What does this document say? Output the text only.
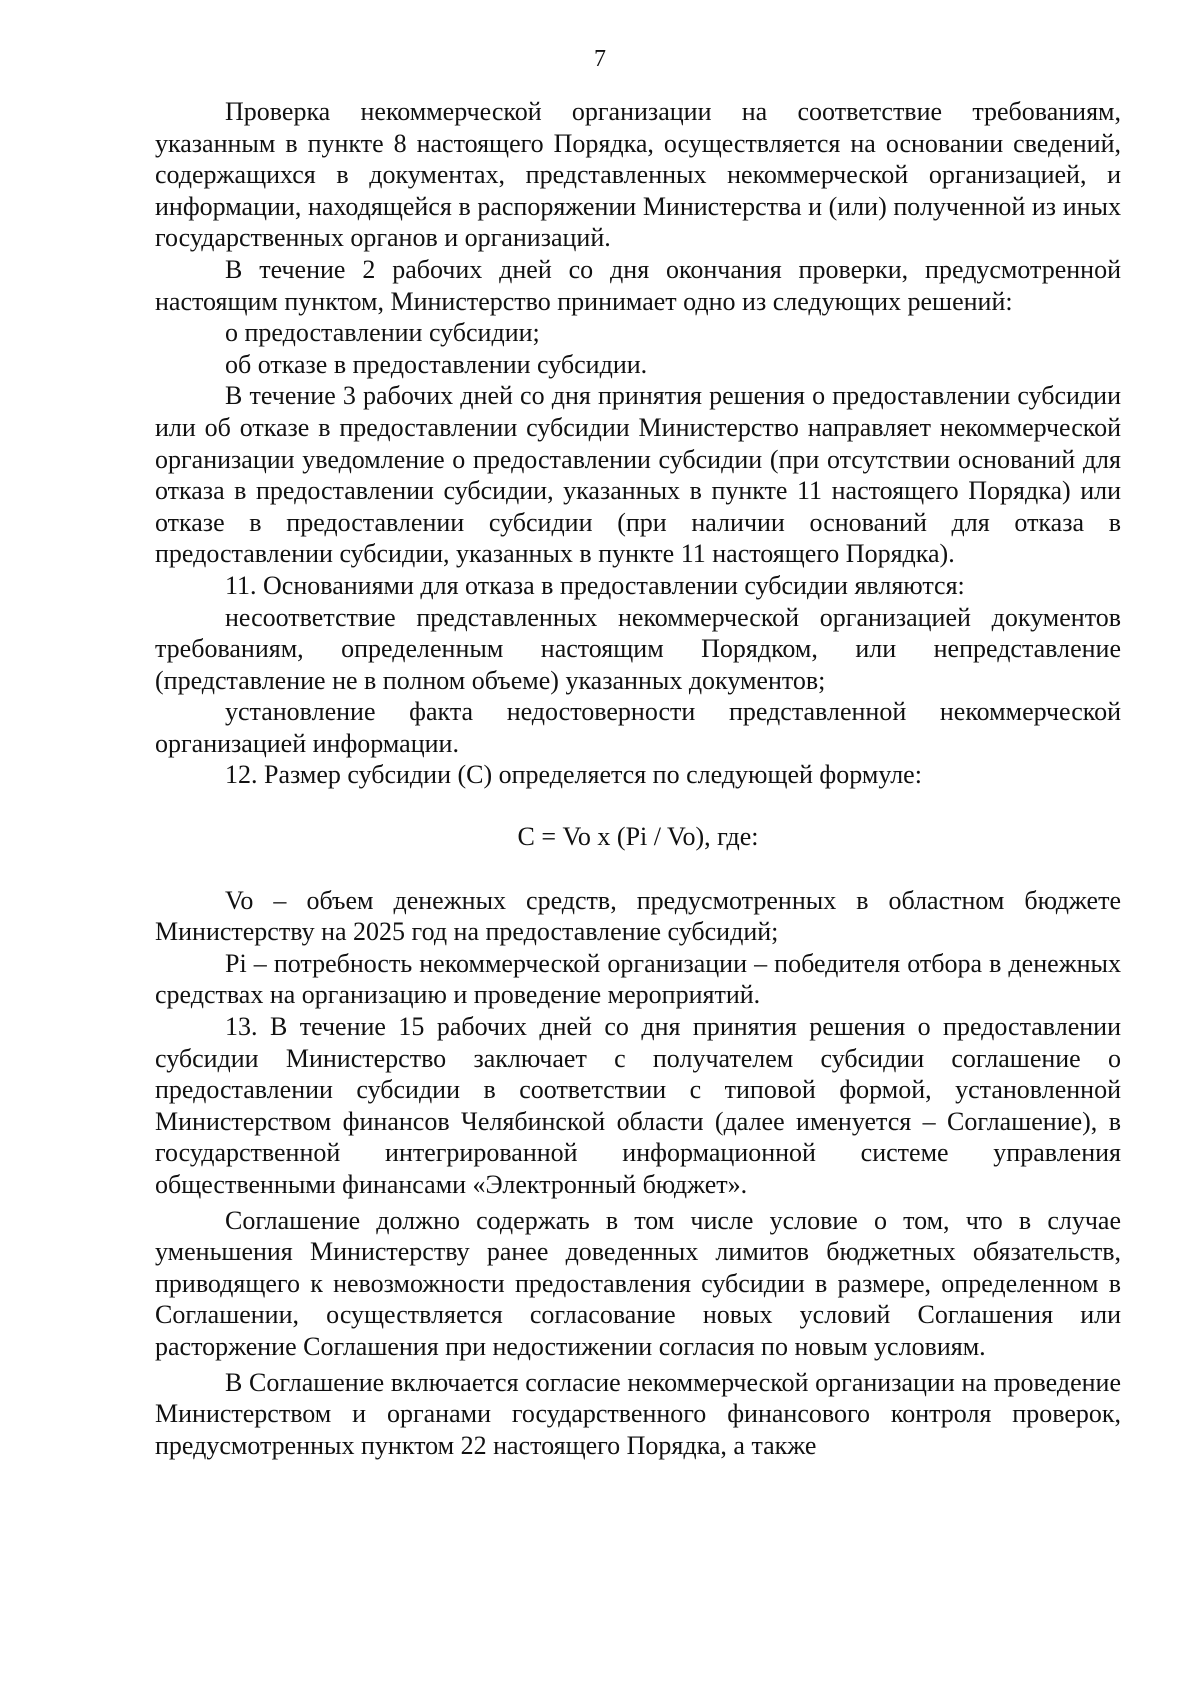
7

Проверка некоммерческой организации на соответствие требованиям, указанным в пункте 8 настоящего Порядка, осуществляется на основании сведений, содержащихся в документах, представленных некоммерческой организацией, и информации, находящейся в распоряжении Министерства и (или) полученной из иных государственных органов и организаций.

В течение 2 рабочих дней со дня окончания проверки, предусмотренной настоящим пунктом, Министерство принимает одно из следующих решений:

о предоставлении субсидии;

об отказе в предоставлении субсидии.

В течение 3 рабочих дней со дня принятия решения о предоставлении субсидии или об отказе в предоставлении субсидии Министерство направляет некоммерческой организации уведомление о предоставлении субсидии (при отсутствии оснований для отказа в предоставлении субсидии, указанных в пункте 11 настоящего Порядка) или отказе в предоставлении субсидии (при наличии оснований для отказа в предоставлении субсидии, указанных в пункте 11 настоящего Порядка).

11. Основаниями для отказа в предоставлении субсидии являются:

несоответствие представленных некоммерческой организацией документов требованиям, определенным настоящим Порядком, или непредставление (представление не в полном объеме) указанных документов;

установление факта недостоверности представленной некоммерческой организацией информации.

12. Размер субсидии (С) определяется по следующей формуле:

С = Vo х (Pi / Vo), где:

Vo – объем денежных средств, предусмотренных в областном бюджете Министерству на 2025 год на предоставление субсидий;

Pi – потребность некоммерческой организации – победителя отбора в денежных средствах на организацию и проведение мероприятий.

13. В течение 15 рабочих дней со дня принятия решения о предоставлении субсидии Министерство заключает с получателем субсидии соглашение о предоставлении субсидии в соответствии с типовой формой, установленной Министерством финансов Челябинской области (далее именуется – Соглашение), в государственной интегрированной информационной системе управления общественными финансами «Электронный бюджет».

Соглашение должно содержать в том числе условие о том, что в случае уменьшения Министерству ранее доведенных лимитов бюджетных обязательств, приводящего к невозможности предоставления субсидии в размере, определенном в Соглашении, осуществляется согласование новых условий Соглашения или расторжение Соглашения при недостижении согласия по новым условиям.

В Соглашение включается согласие некоммерческой организации на проведение Министерством и органами государственного финансового контроля проверок, предусмотренных пунктом 22 настоящего Порядка, а также
